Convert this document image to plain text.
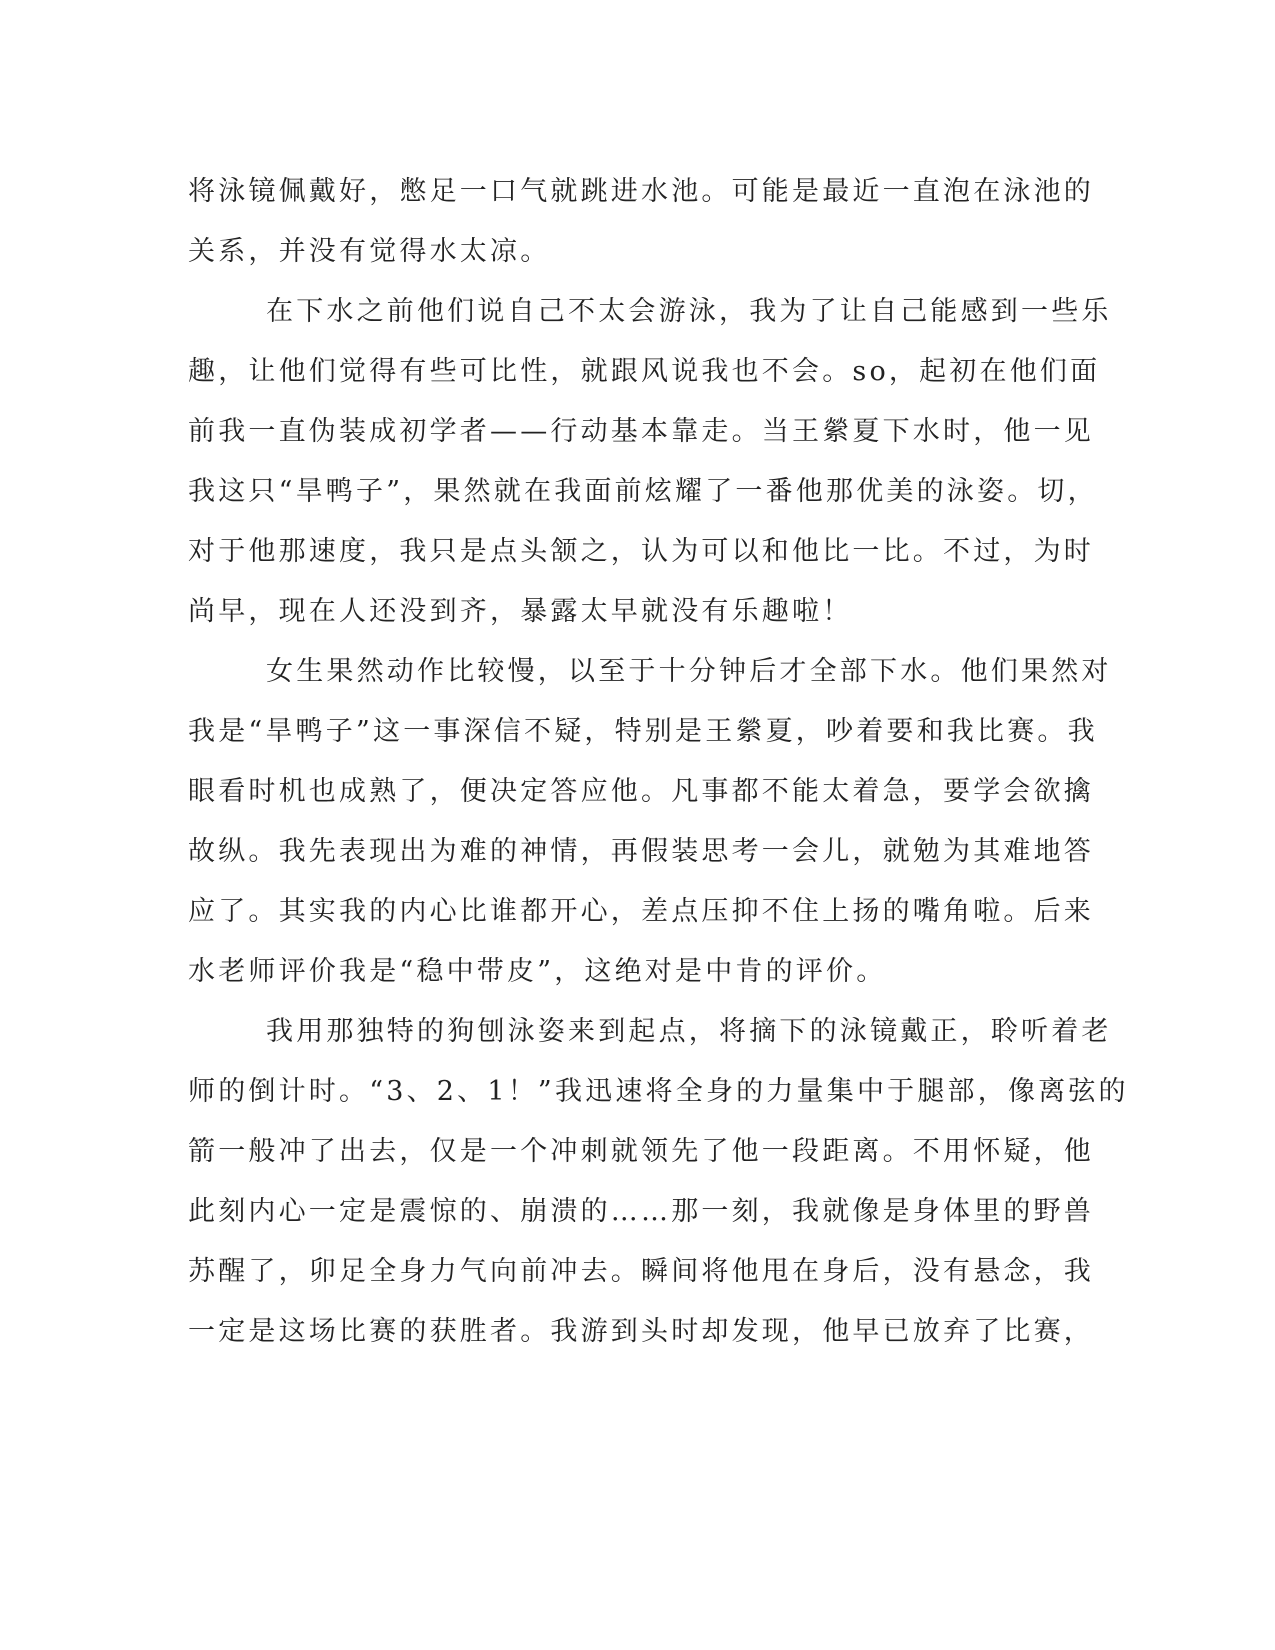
将泳镜佩戴好，憋足一口气就跳进水池。可能是最近一直泡在泳池的
关系，并没有觉得水太凉。
在下水之前他们说自己不太会游泳，我为了让自己能感到一些乐
趣，让他们觉得有些可比性，就跟风说我也不会。so，起初在他们面
前我一直伪装成初学者——行动基本靠走。当王縈夏下水时，他一见
我这只“旱鸭子”，果然就在我面前炫耀了一番他那优美的泳姿。切，
对于他那速度，我只是点头颔之，认为可以和他比一比。不过，为时
尚早，现在人还没到齐，暴露太早就没有乐趣啦！
女生果然动作比较慢，以至于十分钟后才全部下水。他们果然对
我是“旱鸭子”这一事深信不疑，特别是王縈夏，吵着要和我比赛。我
眼看时机也成熟了，便决定答应他。凡事都不能太着急，要学会欲擒
故纵。我先表现出为难的神情，再假装思考一会儿，就勉为其难地答
应了。其实我的内心比谁都开心，差点压抑不住上扬的嘴角啦。后来
水老师评价我是“稳中带皮”，这绝对是中肯的评价。
我用那独特的狗刨泳姿来到起点，将摘下的泳镜戴正，聆听着老
师的倒计时。“3、2、1！”我迅速将全身的力量集中于腿部，像离弦的
箭一般冲了出去，仅是一个冲刺就领先了他一段距离。不用怀疑，他
此刻内心一定是震惊的、崩溃的……那一刻，我就像是身体里的野兽
苏醒了，卯足全身力气向前冲去。瞬间将他甩在身后，没有悬念，我
一定是这场比赛的获胜者。我游到头时却发现，他早已放弃了比赛，
